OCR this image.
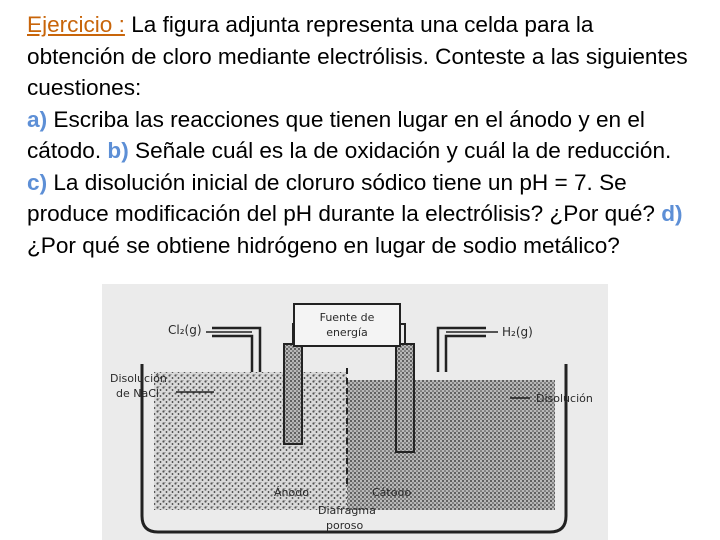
Ejercicio : La figura adjunta representa una celda para la obtención de cloro mediante electrólisis. Conteste a las siguientes cuestiones:
a) Escriba las reacciones que tienen lugar en el ánodo y en el cátodo. b) Señale cuál es la de oxidación y cuál la de reducción. c) La disolución inicial de cloruro sódico tiene un pH = 7. Se produce modificación del pH durante la electrólisis? ¿Por qué? d) ¿Por qué se obtiene hidrógeno en lugar de sodio metálico?
Fuente de
energía
Cl₂(g)	H₂(g)
Disolución
de NaCl	Disolución
Ánodo	Cátodo
Diafragma
poroso
